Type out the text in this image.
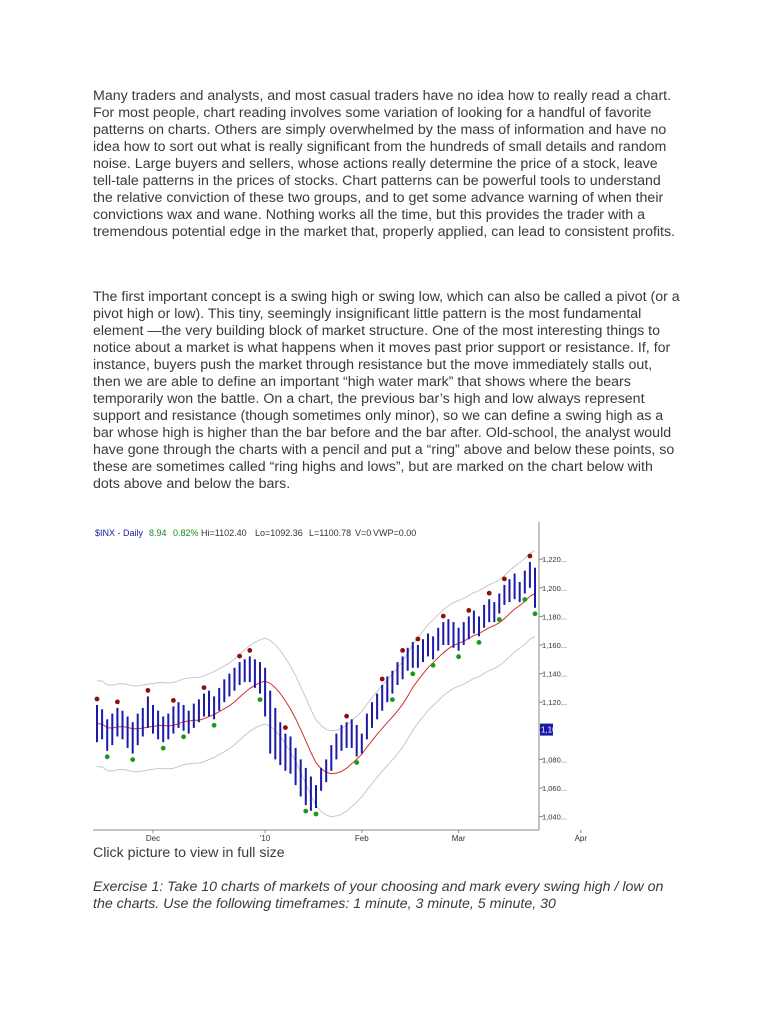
Many traders and analysts, and most casual traders have no idea how to really read a chart. For most people, chart reading involves some variation of looking for a handful of favorite patterns on charts. Others are simply overwhelmed by the mass of information and have no idea how to sort out what is really significant from the hundreds of small details and random noise. Large buyers and sellers, whose actions really determine the price of a stock, leave tell-tale patterns in the prices of stocks. Chart patterns can be powerful tools to understand the relative conviction of these two groups, and to get some advance warning of when their convictions wax and wane. Nothing works all the time, but this provides the trader with a tremendous potential edge in the market that, properly applied, can lead to consistent profits.

The first important concept is a swing high or swing low, which can also be called a pivot (or a pivot high or low). This tiny, seemingly insignificant little pattern is the most fundamental element —the very building block of market structure. One of the most interesting things to notice about a market is what happens when it moves past prior support or resistance. If, for instance, buyers push the market through resistance but the move immediately stalls out, then we are able to define an important “high water mark” that shows where the bears temporarily won the battle. On a chart, the previous bar’s high and low always represent support and resistance (though sometimes only minor), so we can define a swing high as a bar whose high is higher than the bar before and the bar after. Old-school, the analyst would have gone through the charts with a pencil and put a “ring” above and below these points, so these are sometimes called “ring highs and lows”, but are marked on the chart below with dots above and below the bars.

$INX - Daily 8.94 0.82% Hi=1102.40 Lo=1092.36 L=1100.78 V=0 VWP=0.00
1,220...
1,200...
1,180...
1,160...
1,140...
1,120...
1,100.78
1,080...
1,060...
1,040...
Dec	'10	Feb	Mar	Apr
Click picture to view in full size

Exercise 1: Take 10 charts of markets of your choosing and mark every swing high / low on the charts. Use the following timeframes: 1 minute, 3 minute, 5 minute, 30
